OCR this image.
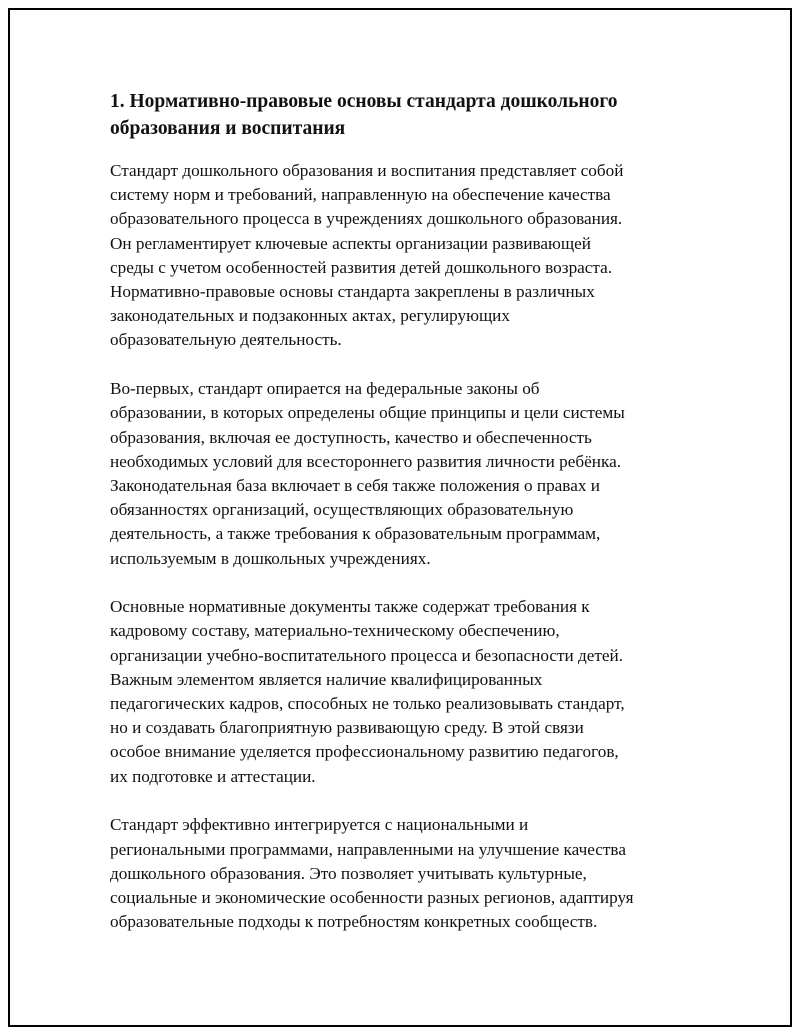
1. Нормативно-правовые основы стандарта дошкольного
образования и воспитания

Стандарт дошкольного образования и воспитания представляет собой
систему норм и требований, направленную на обеспечение качества
образовательного процесса в учреждениях дошкольного образования.
Он регламентирует ключевые аспекты организации развивающей
среды с учетом особенностей развития детей дошкольного возраста.
Нормативно-правовые основы стандарта закреплены в различных
законодательных и подзаконных актах, регулирующих
образовательную деятельность.

Во-первых, стандарт опирается на федеральные законы об
образовании, в которых определены общие принципы и цели системы
образования, включая ее доступность, качество и обеспеченность
необходимых условий для всестороннего развития личности ребёнка.
Законодательная база включает в себя также положения о правах и
обязанностях организаций, осуществляющих образовательную
деятельность, а также требования к образовательным программам,
используемым в дошкольных учреждениях.

Основные нормативные документы также содержат требования к
кадровому составу, материально-техническому обеспечению,
организации учебно-воспитательного процесса и безопасности детей.
Важным элементом является наличие квалифицированных
педагогических кадров, способных не только реализовывать стандарт,
но и создавать благоприятную развивающую среду. В этой связи
особое внимание уделяется профессиональному развитию педагогов,
их подготовке и аттестации.

Стандарт эффективно интегрируется с национальными и
региональными программами, направленными на улучшение качества
дошкольного образования. Это позволяет учитывать культурные,
социальные и экономические особенности разных регионов, адаптируя
образовательные подходы к потребностям конкретных сообществ.
